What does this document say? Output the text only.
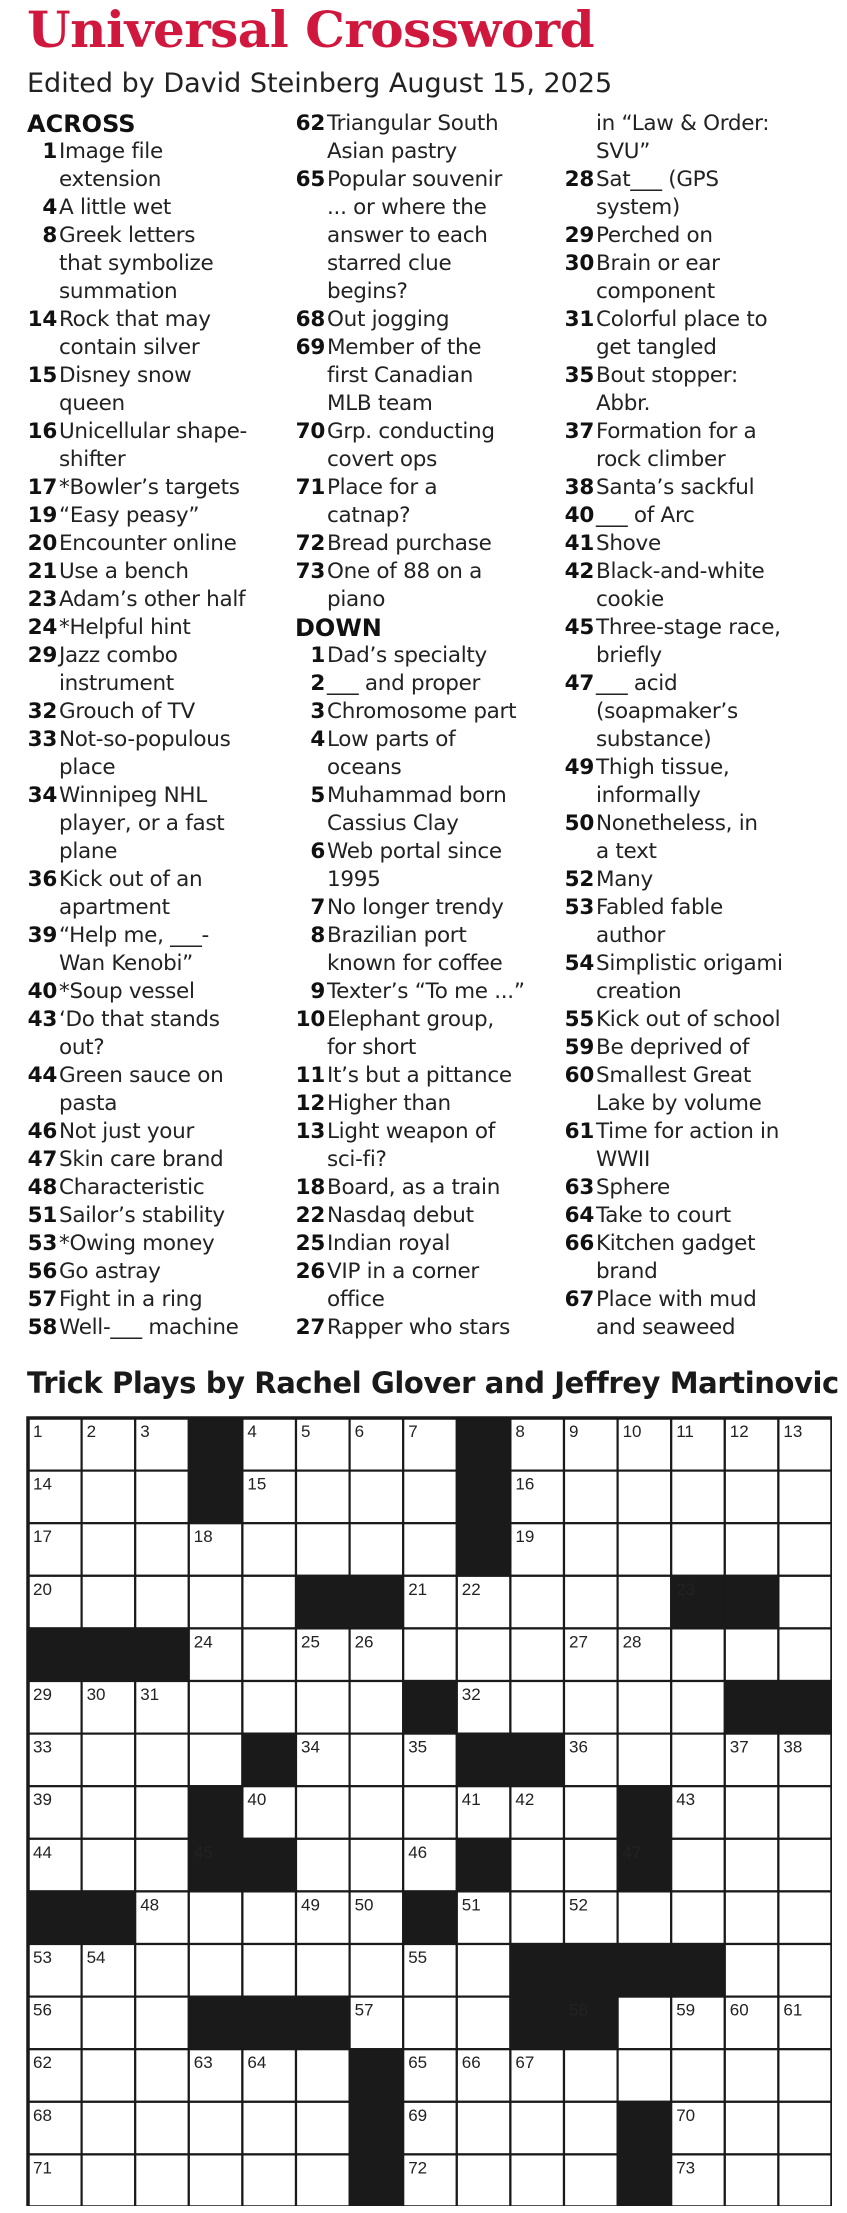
Universal Crossword
Edited by David Steinberg August 15, 2025
ACROSS
1 Image file
extension
4 A little wet
8 Greek letters
that symbolize
summation
14 Rock that may
contain silver
15 Disney snow
queen
16 Unicellular shape-
shifter
17 *Bowler’s targets
19 “Easy peasy”
20 Encounter online
21 Use a bench
23 Adam’s other half
24 *Helpful hint
29 Jazz combo
instrument
32 Grouch of TV
33 Not-so-populous
place
34 Winnipeg NHL
player, or a fast
plane
36 Kick out of an
apartment
39 “Help me, ___-
Wan Kenobi”
40 *Soup vessel
43 ‘Do that stands
out?
44 Green sauce on
pasta
46 Not just your
47 Skin care brand
48 Characteristic
51 Sailor’s stability
53 *Owing money
56 Go astray
57 Fight in a ring
58 Well-___ machine
62 Triangular South
Asian pastry
65 Popular souvenir
... or where the
answer to each
starred clue
begins?
68 Out jogging
69 Member of the
first Canadian
MLB team
70 Grp. conducting
covert ops
71 Place for a
catnap?
72 Bread purchase
73 One of 88 on a
piano
DOWN
1 Dad’s specialty
2 ___ and proper
3 Chromosome part
4 Low parts of
oceans
5 Muhammad born
Cassius Clay
6 Web portal since
1995
7 No longer trendy
8 Brazilian port
known for coffee
9 Texter’s “To me ...”
10 Elephant group,
for short
11 It’s but a pittance
12 Higher than
13 Light weapon of
sci-fi?
18 Board, as a train
22 Nasdaq debut
25 Indian royal
26 VIP in a corner
office
27 Rapper who stars
in “Law & Order:
SVU”
28 Sat___ (GPS
system)
29 Perched on
30 Brain or ear
component
31 Colorful place to
get tangled
35 Bout stopper:
Abbr.
37 Formation for a
rock climber
38 Santa’s sackful
40 ___ of Arc
41 Shove
42 Black-and-white
cookie
45 Three-stage race,
briefly
47 ___ acid
(soapmaker’s
substance)
49 Thigh tissue,
informally
50 Nonetheless, in
a text
52 Many
53 Fabled fable
author
54 Simplistic origami
creation
55 Kick out of school
59 Be deprived of
60 Smallest Great
Lake by volume
61 Time for action in
WWII
63 Sphere
64 Take to court
66 Kitchen gadget
brand
67 Place with mud
and seaweed
Trick Plays by Rachel Glover and Jeffrey Martinovic
1	2	3	4	5	6	7	8	9	10 11 12 13
14	15	16
17	18	19
20	21 22	23
24	25 26	27 28
29 30 31	32
33	34	35	36	37 38
39	40	41 42	43
44	45	46	47
48	49 50	51	52
53 54	55
56	57	58	59 60 61
62	63 64	65 66 67
68	69	70
71	72	73
